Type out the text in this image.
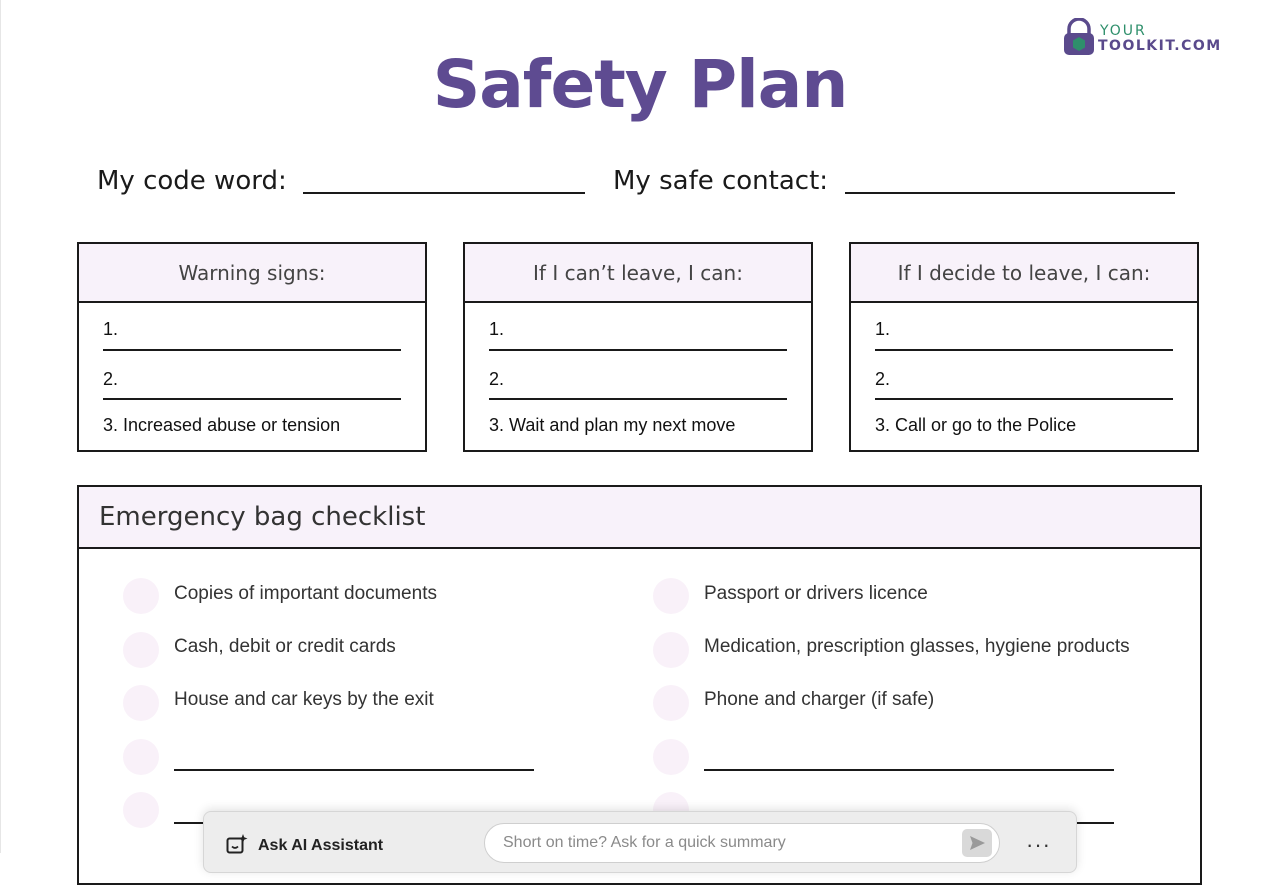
YOUR
TOOLKIT.COM
Safety Plan
My code word:	My safe contact:
Warning signs:
1.
2.
3. Increased abuse or tension
If I can’t leave, I can:
1.
2.
3. Wait and plan my next move
If I decide to leave, I can:
1.
2.
3. Call or go to the Police
Emergency bag checklist
Copies of important documents
Cash, debit or credit cards
House and car keys by the exit
Passport or drivers licence
Medication, prescription glasses, hygiene products
Phone and charger (if safe)
Ask AI Assistant
Short on time? Ask for a quick summary	···
